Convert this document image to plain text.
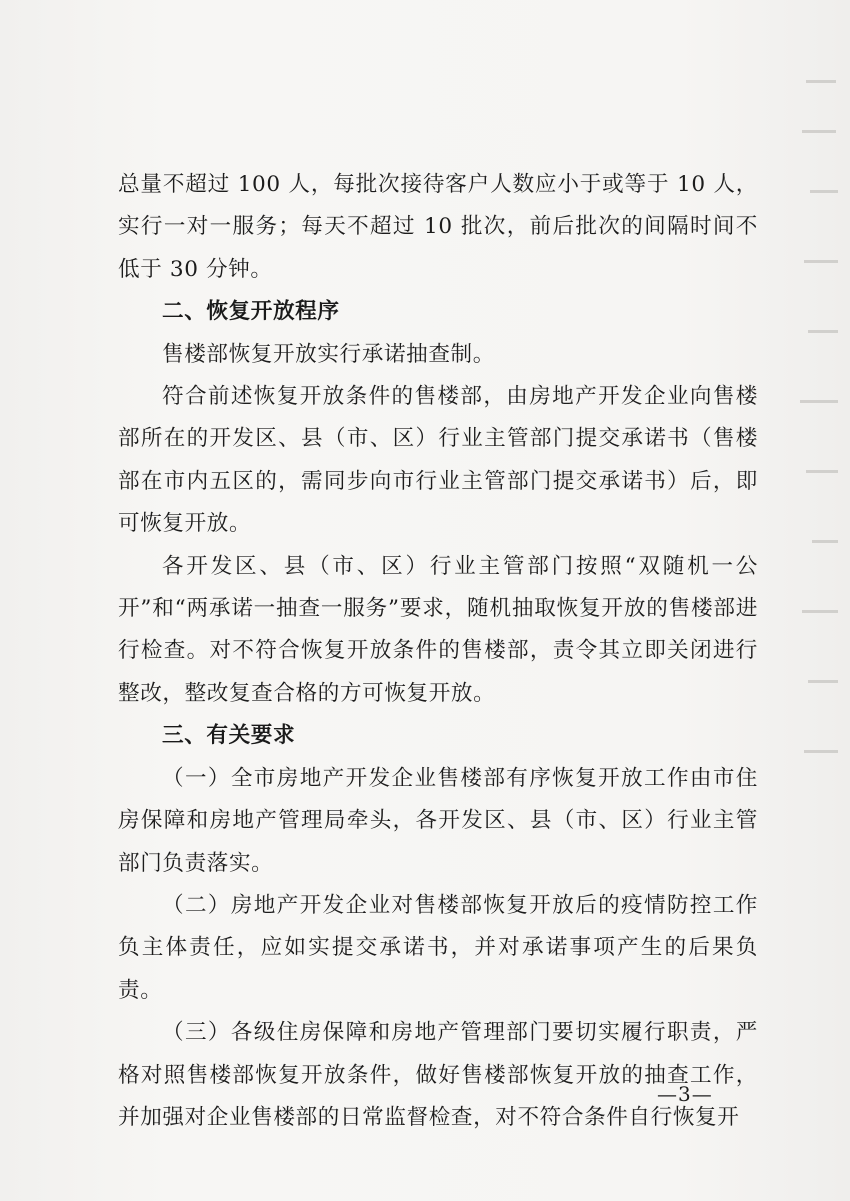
总量不超过 100 人，每批次接待客户人数应小于或等于 10 人，实行一对一服务；每天不超过 10 批次，前后批次的间隔时间不低于 30 分钟。

二、恢复开放程序

售楼部恢复开放实行承诺抽查制。

符合前述恢复开放条件的售楼部，由房地产开发企业向售楼部所在的开发区、县（市、区）行业主管部门提交承诺书（售楼部在市内五区的，需同步向市行业主管部门提交承诺书）后，即可恢复开放。

各开发区、县（市、区）行业主管部门按照“双随机一公开”和“两承诺一抽查一服务”要求，随机抽取恢复开放的售楼部进行检查。对不符合恢复开放条件的售楼部，责令其立即关闭进行整改，整改复查合格的方可恢复开放。

三、有关要求

（一）全市房地产开发企业售楼部有序恢复开放工作由市住房保障和房地产管理局牵头，各开发区、县（市、区）行业主管部门负责落实。

（二）房地产开发企业对售楼部恢复开放后的疫情防控工作负主体责任，应如实提交承诺书，并对承诺事项产生的后果负责。

（三）各级住房保障和房地产管理部门要切实履行职责，严格对照售楼部恢复开放条件，做好售楼部恢复开放的抽查工作，并加强对企业售楼部的日常监督检查，对不符合条件自行恢复开

—3—
